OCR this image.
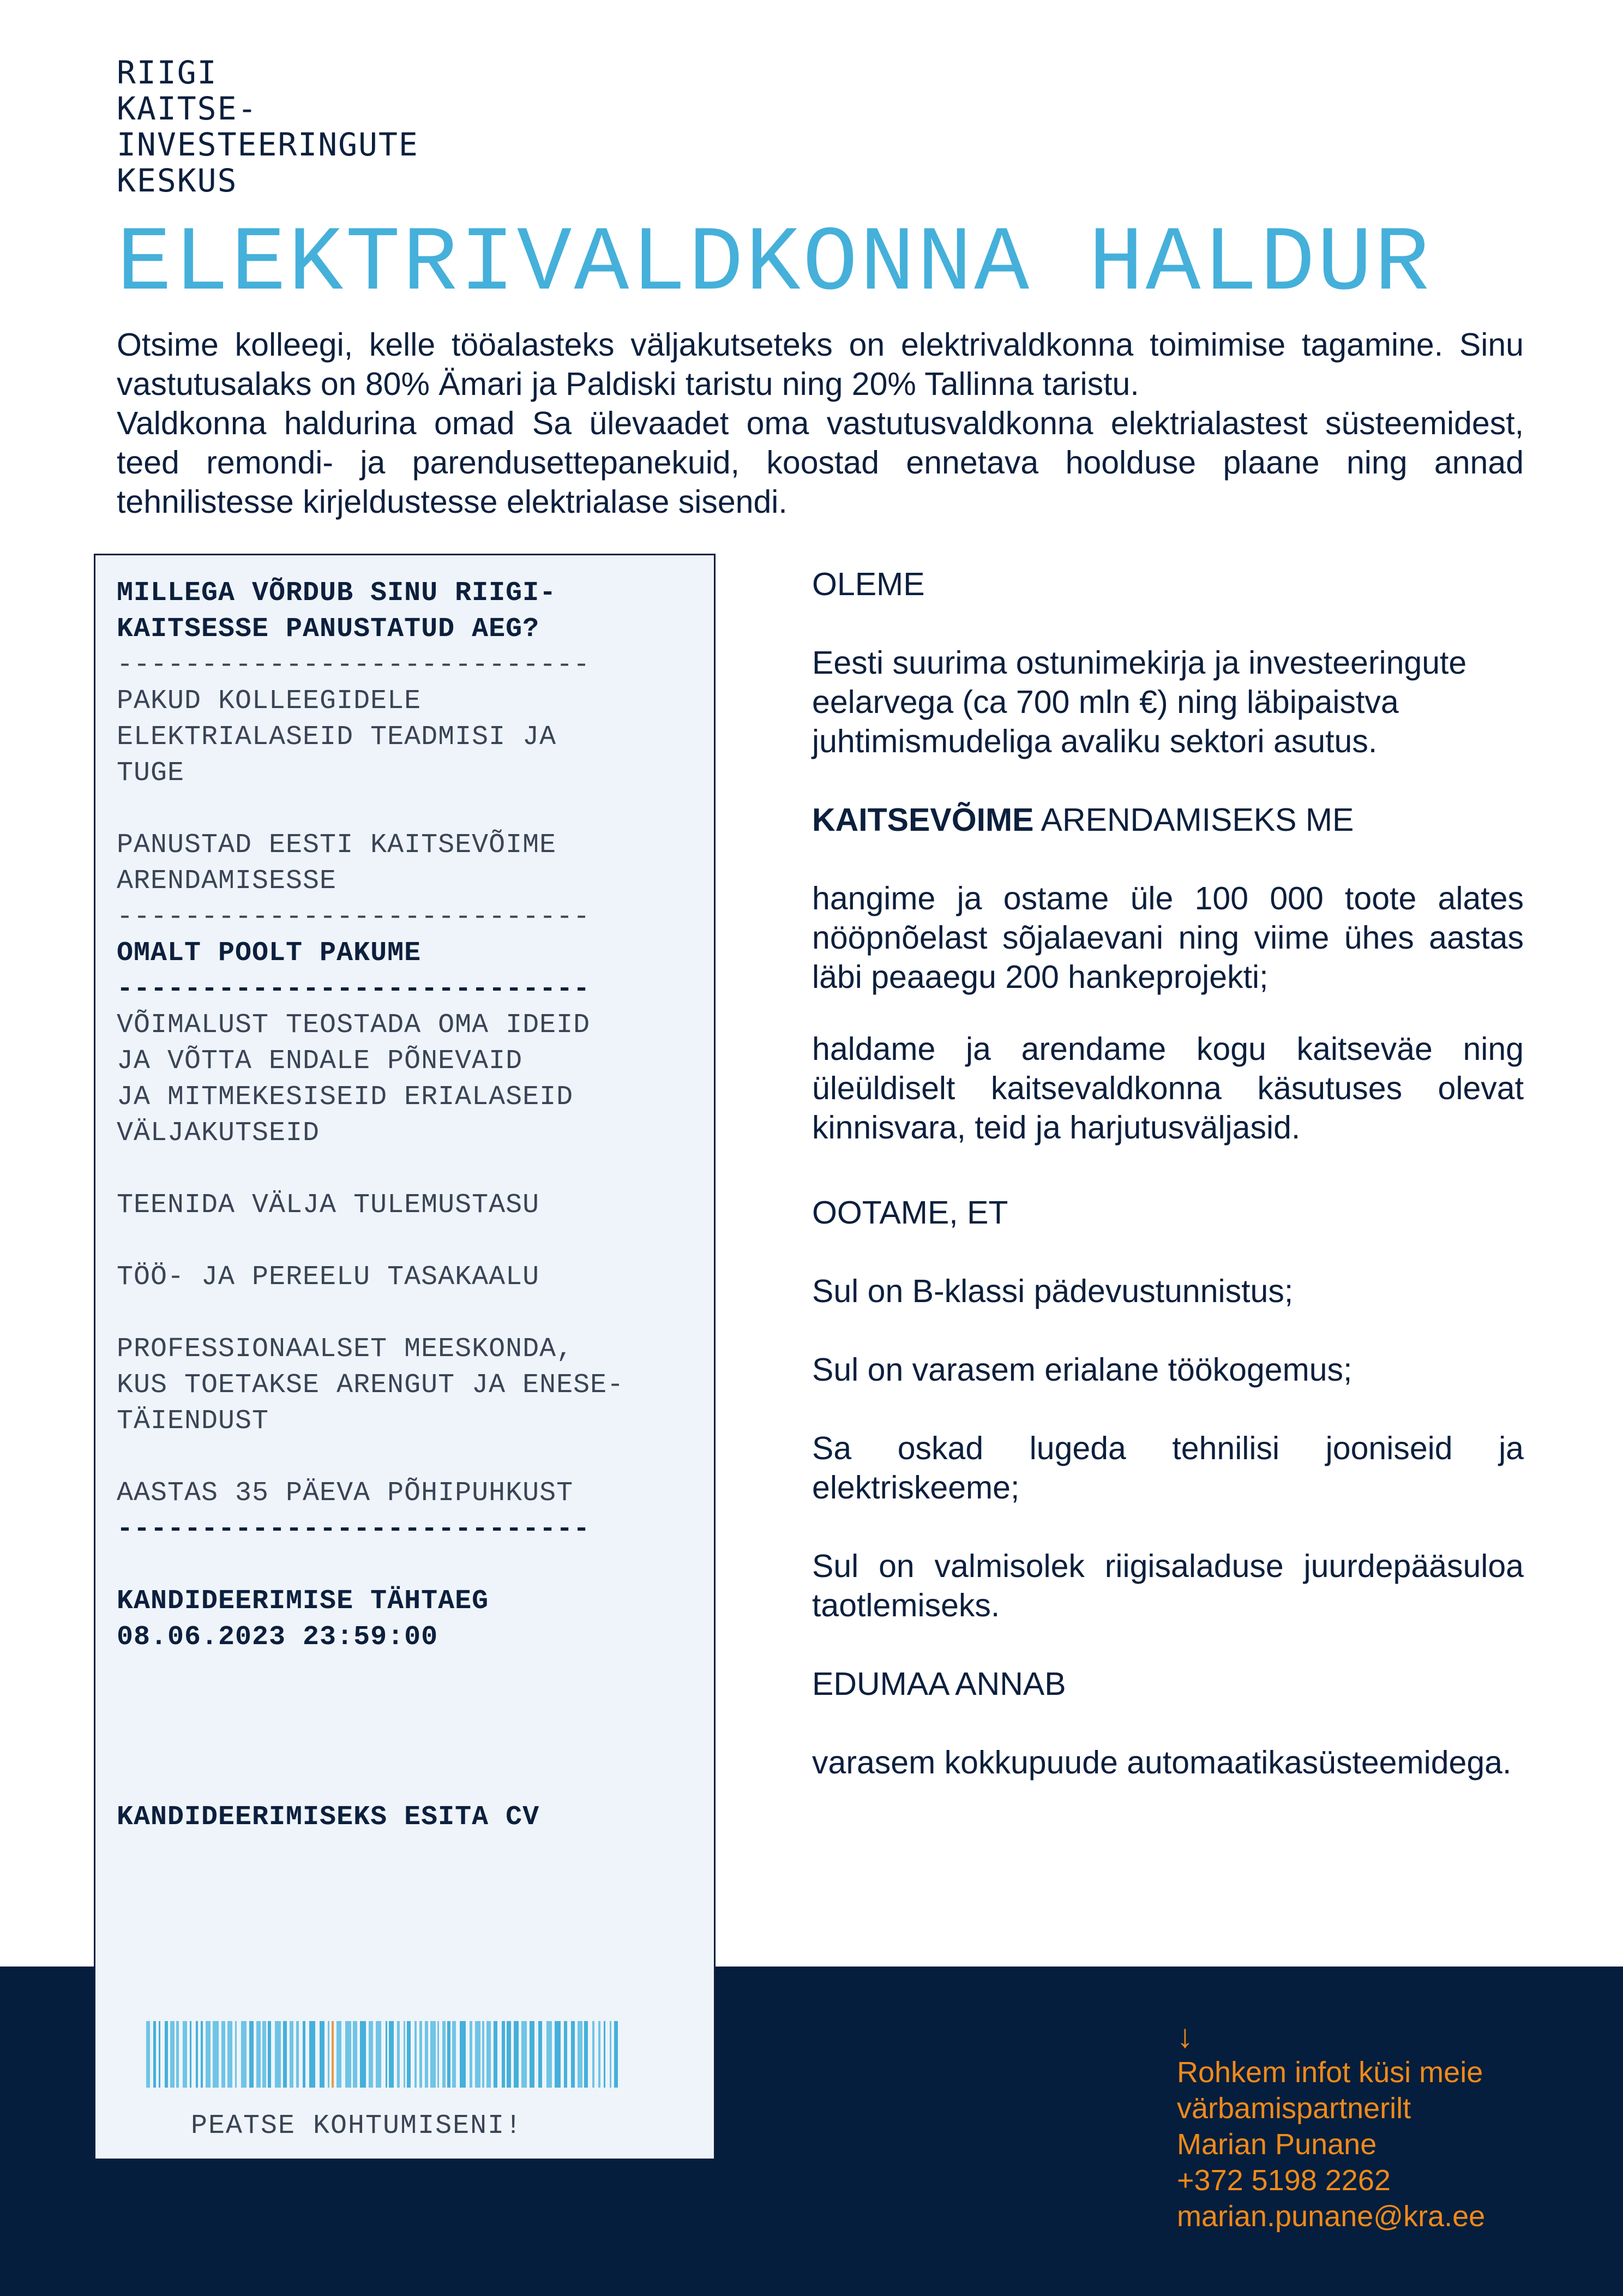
RIIGI
KAITSE-
INVESTEERINGUTE
KESKUS
ELEKTRIVALDKONNA HALDUR

Otsime kolleegi, kelle tööalasteks väljakutseteks on elektrivaldkonna toimimise tagamine. Sinu vastutusalaks on 80% Ämari ja Paldiski taristu ning 20% Tallinna taristu.

Valdkonna haldurina omad Sa ülevaadet oma vastutusvaldkonna elektrialastest süsteemidest, teed remondi- ja parendusettepanekuid, koostad ennetava hoolduse plaane ning annad tehnilistesse kirjeldustesse elektrialase sisendi.

MILLEGA VÕRDUB SINU RIIGI-
KAITSESSE PANUSTATUD AEG?
----------------------------
PAKUD KOLLEEGIDELE
ELEKTRIALASEID TEADMISI JA
TUGE
PANUSTAD EESTI KAITSEVÕIME
ARENDAMISESSE
----------------------------
OMALT POOLT PAKUME
----------------------------
VÕIMALUST TEOSTADA OMA IDEID
JA VÕTTA ENDALE PÕNEVAID
JA MITMEKESISEID ERIALASEID
VÄLJAKUTSEID
TEENIDA VÄLJA TULEMUSTASU
TÖÖ- JA PEREELU TASAKAALU
PROFESSIONAALSET MEESKONDA,
KUS TOETAKSE ARENGUT JA ENESE-
TÄIENDUST
AASTAS 35 PÄEVA PÕHIPUHKUST
----------------------------
KANDIDEERIMISE TÄHTAEG
08.06.2023 23:59:00
KANDIDEERIMISEKS ESITA CV
PEATSE KOHTUMISENI!

OLEME

Eesti suurima ostunimekirja ja investeeringute eelarvega (ca 700 mln €) ning läbipaistva juhtimismudeliga avaliku sektori asutus.

KAITSEVÕIME ARENDAMISEKS ME

hangime ja ostame üle 100 000 toote alates nööpnõelast sõjalaevani ning viime ühes aastas läbi peaaegu 200 hankeprojekti;

haldame ja arendame kogu kaitseväe ning üleüldiselt kaitsevaldkonna käsutuses olevat kinnisvara, teid ja harjutusväljasid.

OOTAME, ET

Sul on B-klassi pädevustunnistus;

Sul on varasem erialane töökogemus;

Sa oskad lugeda tehnilisi jooniseid ja elektriskeeme;

Sul on valmisolek riigisaladuse juurdepääsuloa taotlemiseks.

EDUMAA ANNAB

varasem kokkupuude automaatikasüsteemidega.

↓
Rohkem infot küsi meie
värbamispartnerilt
Marian Punane
+372 5198 2262
marian.punane@kra.ee
